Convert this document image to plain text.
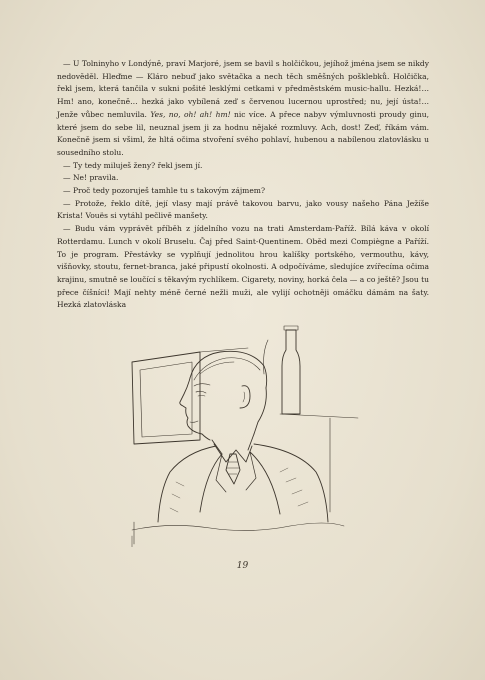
— U Tolninyho v Londýně, praví Marjoré, jsem se bavil s holčičkou, jejíhož jména jsem se nikdy nedověděl. Hleďme — Kláro nebuď jako světačka a nech těch směšných pošklebků. Holčička, řekl jsem, která tančila v sukni pošité lesklými cetkami v předměstském music-hallu. Hezká!… Hm! ano, konečně… hezká jako vybílená zeď s červenou lucernou uprostřed; nu, její ústa!… Jenže vůbec nemluvila. Yes, no, oh! ah! hm! nic více. A přece nabyv výmluvnosti proudy ginu, které jsem do sebe lil, neuznal jsem ji za hodnu nějaké rozmluvy. Ach, dost! Zeď, říkám vám. Konečně jsem si všiml, že hltá očima stvoření svého pohlaví, hubenou a nabílenou zlatovlásku u sousedního stolu.

— Ty tedy miluješ ženy? řekl jsem jí.

— Ne! pravila.

— Proč tedy pozoruješ tamhle tu s takovým zájmem?

— Protože, řeklo dítě, její vlasy mají právě takovou barvu, jako vousy našeho Pána Ježíše Krista! Vouës si vytáhl pečlivě manšety.

— Budu vám vyprávět příběh z jídelního vozu na trati Amsterdam-Paříž. Bílá káva v okolí Rotterdamu. Lunch v okolí Bruselu. Čaj před Saint-Quentinem. Oběd mezi Compiègne a Paříží. To je program. Přestávky se vyplňují jednolitou hrou kalíšky portského, vermouthu, kávy, višňovky, stoutu, fernet-branca, jaké připustí okolnosti. A odpočíváme, sledujíce zvířecíma očima krajinu, smutně se loučící s těkavým rychlíkem. Cigarety, noviny, horká čela — a co ještě? Jsou tu přece číšníci! Mají nehty méně černé nežli muži, ale vylijí ochotněji omáčku dámám na šaty. Hezká zlatovláska

19
